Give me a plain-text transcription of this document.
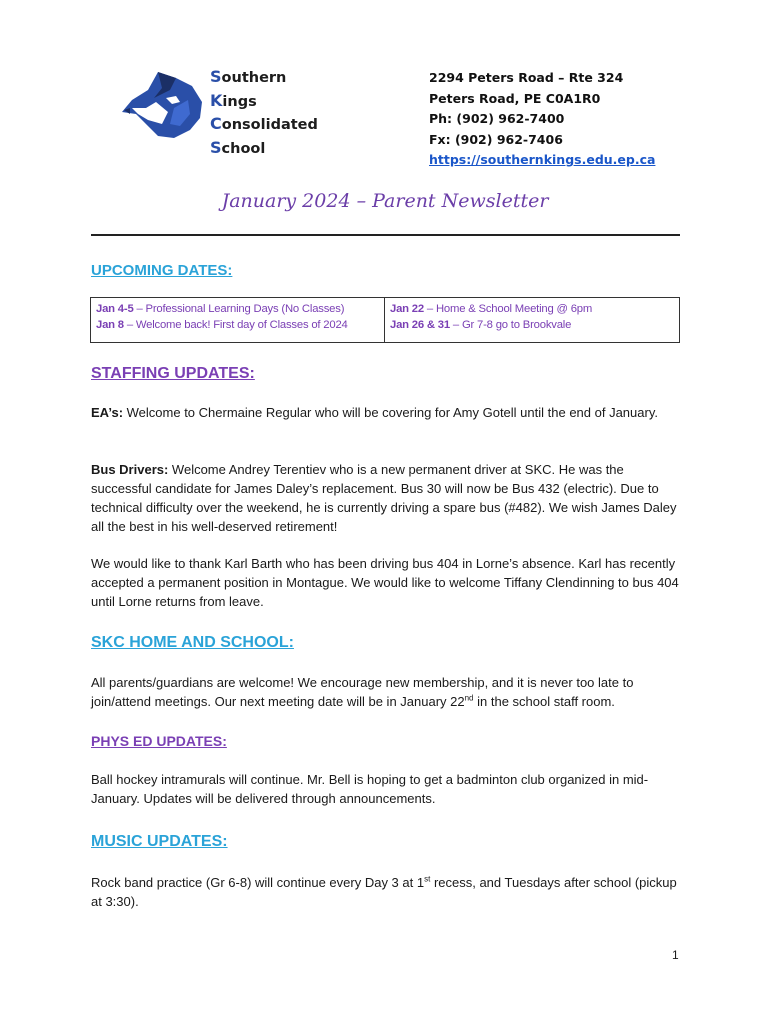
Southern
Kings
Consolidated
School
2294 Peters Road – Rte 324
Peters Road, PE C0A1R0
Ph: (902) 962-7400
Fx: (902) 962-7406
https://southernkings.edu.ep.ca
January 2024 – Parent Newsletter
UPCOMING DATES:
Jan 4-5 – Professional Learning Days (No Classes)
Jan 8 – Welcome back! First day of Classes of 2024

Jan 22 – Home & School Meeting @ 6pm
Jan 26 & 31 – Gr 7-8 go to Brookvale
STAFFING UPDATES:

EA’s: Welcome to Chermaine Regular who will be covering for Amy Gotell until the end of January.

Bus Drivers: Welcome Andrey Terentiev who is a new permanent driver at SKC. He was the successful candidate for James Daley’s replacement. Bus 30 will now be Bus 432 (electric). Due to technical difficulty over the weekend, he is currently driving a spare bus (#482). We wish James Daley all the best in his well-deserved retirement!

We would like to thank Karl Barth who has been driving bus 404 in Lorne’s absence. Karl has recently accepted a permanent position in Montague. We would like to welcome Tiffany Clendinning to bus 404 until Lorne returns from leave.

SKC HOME AND SCHOOL:

All parents/guardians are welcome! We encourage new membership, and it is never too late to join/attend meetings. Our next meeting date will be in January 22nd in the school staff room.

PHYS ED UPDATES:

Ball hockey intramurals will continue. Mr. Bell is hoping to get a badminton club organized in mid-January. Updates will be delivered through announcements.

MUSIC UPDATES:

Rock band practice (Gr 6-8) will continue every Day 3 at 1st recess, and Tuesdays after school (pickup at 3:30).

1
